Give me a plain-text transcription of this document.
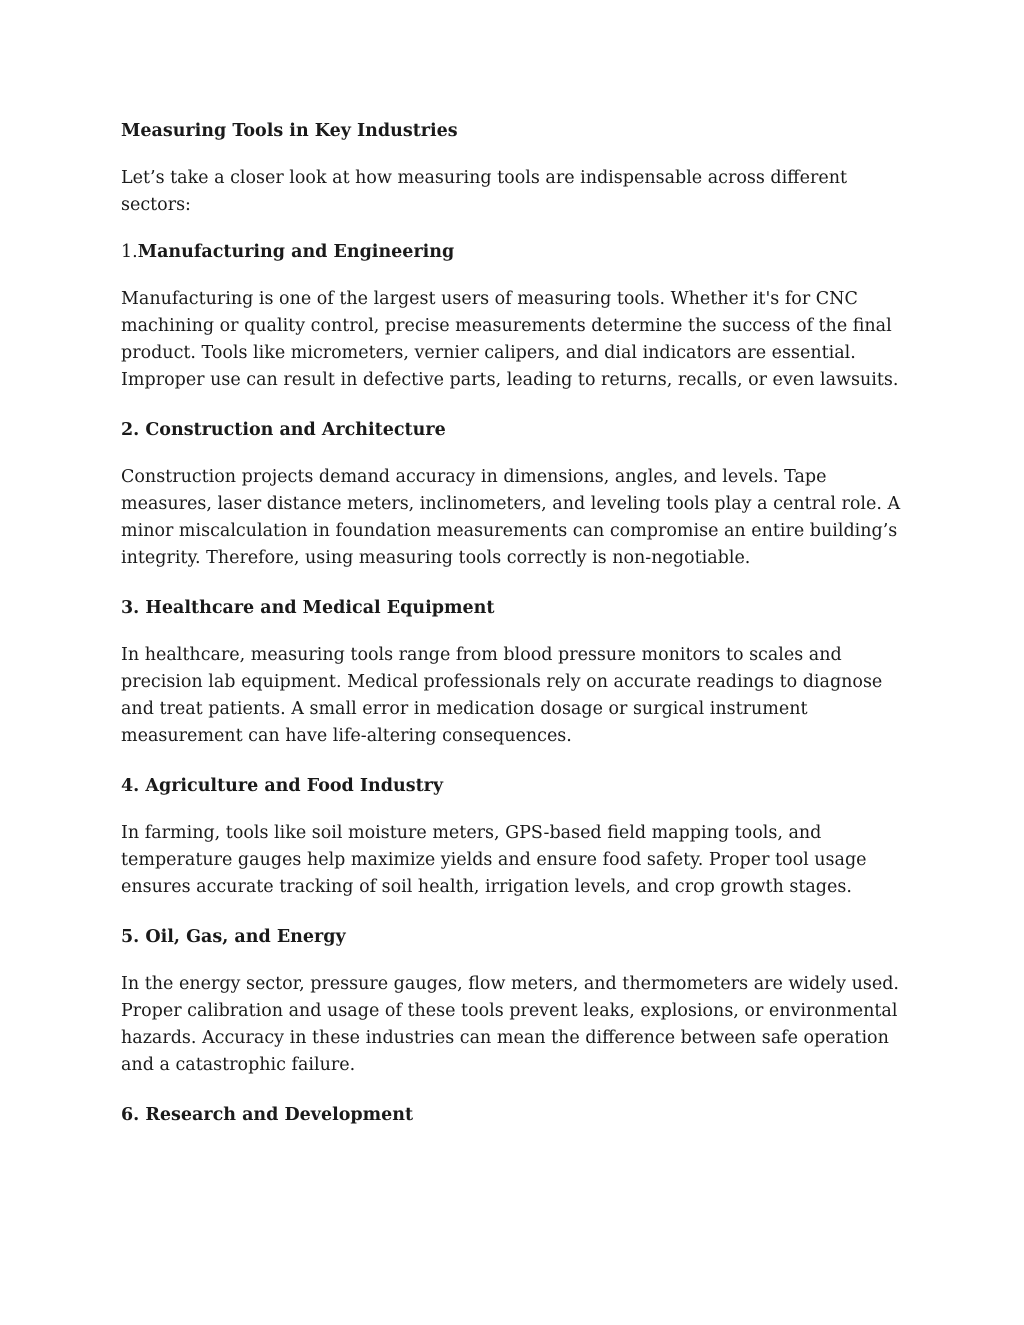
Measuring Tools in Key Industries

Let’s take a closer look at how measuring tools are indispensable across different sectors:

1.Manufacturing and Engineering

Manufacturing is one of the largest users of measuring tools. Whether it's for CNC machining or quality control, precise measurements determine the success of the final product. Tools like micrometers, vernier calipers, and dial indicators are essential. Improper use can result in defective parts, leading to returns, recalls, or even lawsuits.

2. Construction and Architecture

Construction projects demand accuracy in dimensions, angles, and levels. Tape measures, laser distance meters, inclinometers, and leveling tools play a central role. A minor miscalculation in foundation measurements can compromise an entire building’s integrity. Therefore, using measuring tools correctly is non-negotiable.

3. Healthcare and Medical Equipment

In healthcare, measuring tools range from blood pressure monitors to scales and precision lab equipment. Medical professionals rely on accurate readings to diagnose and treat patients. A small error in medication dosage or surgical instrument measurement can have life-altering consequences.

4. Agriculture and Food Industry

In farming, tools like soil moisture meters, GPS-based field mapping tools, and temperature gauges help maximize yields and ensure food safety. Proper tool usage ensures accurate tracking of soil health, irrigation levels, and crop growth stages.

5. Oil, Gas, and Energy

In the energy sector, pressure gauges, flow meters, and thermometers are widely used. Proper calibration and usage of these tools prevent leaks, explosions, or environmental hazards. Accuracy in these industries can mean the difference between safe operation and a catastrophic failure.

6. Research and Development
